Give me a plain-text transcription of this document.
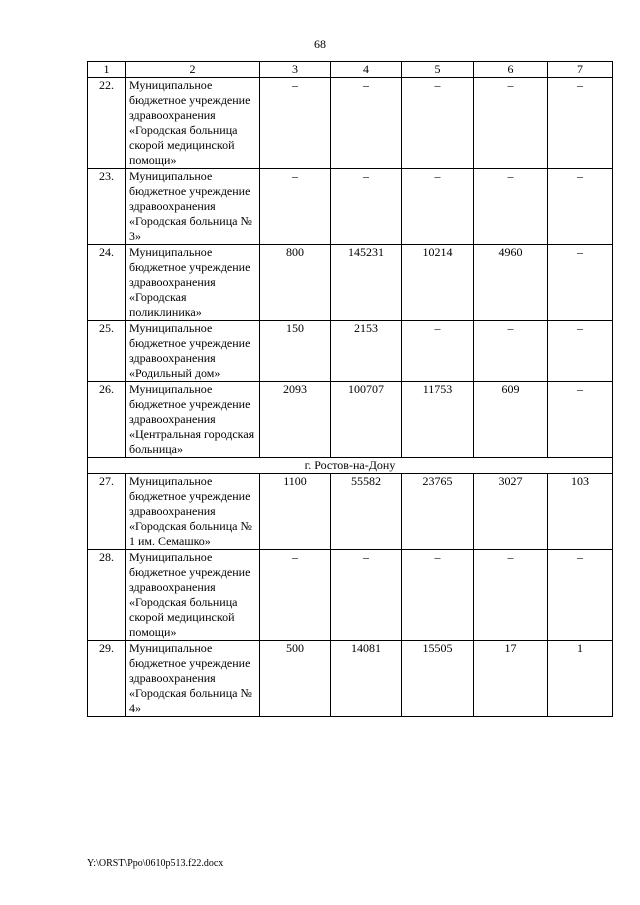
68
1	2	3	4	5	6	7
22.	Муниципальное бюджетное учреждение здравоохранения «Городская больница скорой медицинской помощи»	–	–	–	–	–
23.	Муниципальное бюджетное учреждение здравоохранения «Городская больница № 3»	–	–	–	–	–
24.	Муниципальное бюджетное учреждение здравоохранения «Городская поликлиника»	800	145231	10214	4960	–
25.	Муниципальное бюджетное учреждение здравоохранения «Родильный дом»	150	2153	–	–	–
26.	Муниципальное бюджетное учреждение здравоохранения «Центральная городская больница»	2093	100707	11753	609	–
г. Ростов-на-Дону						
27.	Муниципальное бюджетное учреждение здравоохранения «Городская больница № 1 им. Семашко»	1100	55582	23765	3027	103
28.	Муниципальное бюджетное учреждение здравоохранения «Городская больница скорой медицинской помощи»	–	–	–	–	–
29.	Муниципальное бюджетное учреждение здравоохранения «Городская больница № 4»	500	14081	15505	17	1
Y:\ORST\Ppo\0610p513.f22.docx
